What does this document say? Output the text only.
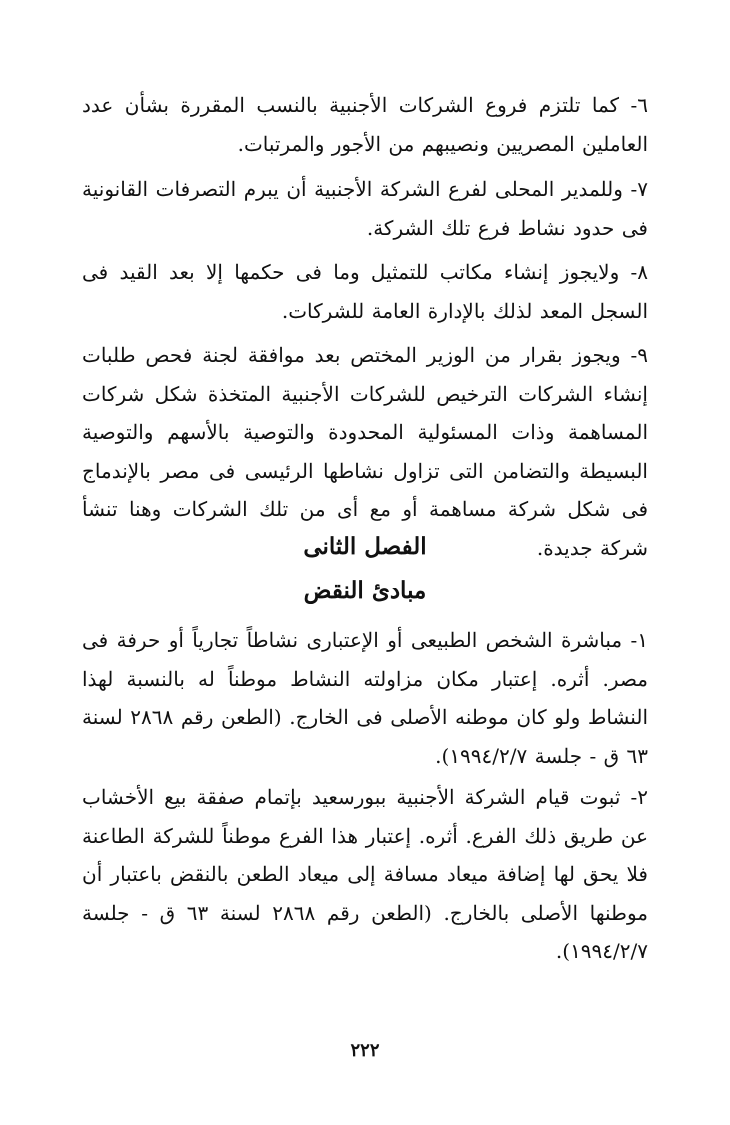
٦- كما تلتزم فروع الشركات الأجنبية بالنسب المقررة بشأن عدد العاملين المصريين ونصيبهم من الأجور والمرتبات.

٧- وللمدير المحلى لفرع الشركة الأجنبية أن يبرم التصرفات القانونية فى حدود نشاط فرع تلك الشركة.

٨- ولايجوز إنشاء مكاتب للتمثيل وما فى حكمها إلا بعد القيد فى السجل المعد لذلك بالإدارة العامة للشركات.

٩- ويجوز بقرار من الوزير المختص بعد موافقة لجنة فحص طلبات إنشاء الشركات الترخيص للشركات الأجنبية المتخذة شكل شركات المساهمة وذات المسئولية المحدودة والتوصية بالأسهم والتوصية البسيطة والتضامن التى تزاول نشاطها الرئيسى فى مصر بالإندماج فى شكل شركة مساهمة أو مع أى من تلك الشركات وهنا تنشأ شركة جديدة.

الفصل الثانى
مبادئ النقض

١- مباشرة الشخص الطبيعى أو الإعتبارى نشاطاً تجارياً أو حرفة فى مصر. أثره. إعتبار مكان مزاولته النشاط موطناً له بالنسبة لهذا النشاط ولو كان موطنه الأصلى فى الخارج. (الطعن رقم ٢٨٦٨ لسنة ٦٣ ق - جلسة ١٩٩٤/٢/٧).

٢- ثبوت قيام الشركة الأجنبية ببورسعيد بإتمام صفقة بيع الأخشاب عن طريق ذلك الفرع. أثره. إعتبار هذا الفرع موطناً للشركة الطاعنة فلا يحق لها إضافة ميعاد مسافة إلى ميعاد الطعن بالنقض باعتبار أن موطنها الأصلى بالخارج. (الطعن رقم ٢٨٦٨ لسنة ٦٣ ق - جلسة ١٩٩٤/٢/٧).

٢٢٢
